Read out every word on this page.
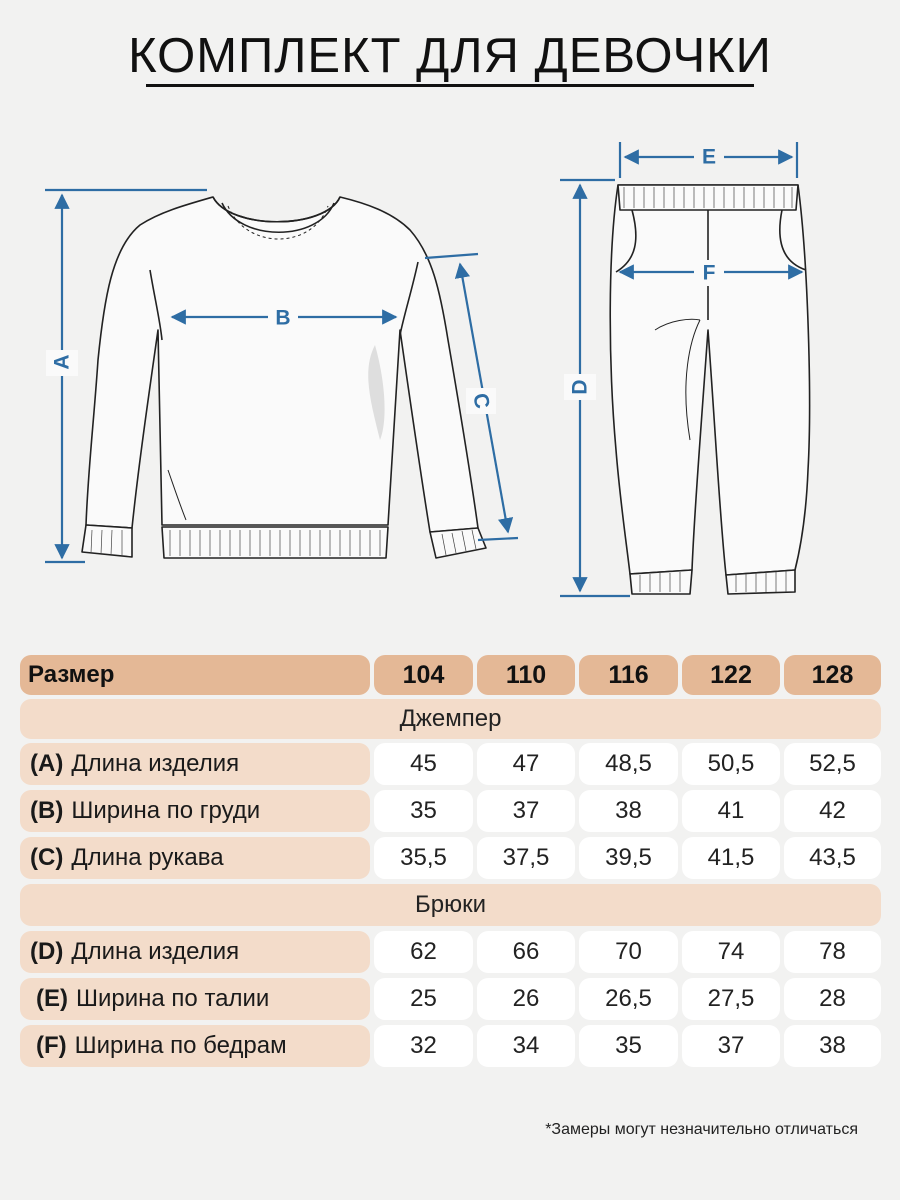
КОМПЛЕКТ ДЛЯ ДЕВОЧКИ
A
B
C
D
E
F
Размер	104	110	116	122	128
Джемпер
(A) Длина изделия	45	47	48,5	50,5	52,5
(B) Ширина по груди	35	37	38	41	42
(C) Длина рукава	35,5	37,5	39,5	41,5	43,5
Брюки
(D) Длина изделия	62	66	70	74	78
(E) Ширина по талии	25	26	26,5	27,5	28
(F) Ширина по бедрам	32	34	35	37	38
*Замеры могут незначительно отличаться
